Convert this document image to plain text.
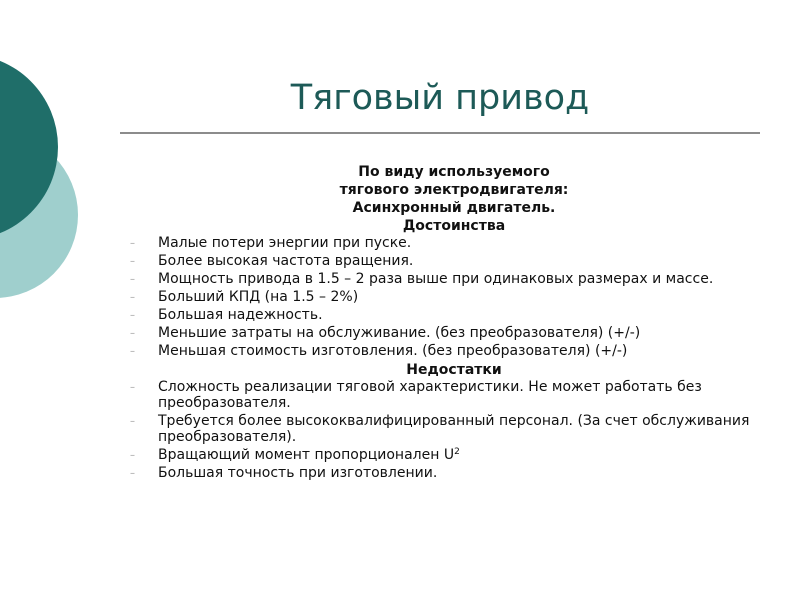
Тяговый привод
По виду используемого
тягового электродвигателя:
Асинхронный двигатель.
Достоинства
– Малые потери энергии при пуске.
– Более высокая частота вращения.
– Мощность привода в 1.5 – 2 раза выше при одинаковых размерах и массе.
– Больший КПД (на 1.5 – 2%)
– Большая надежность.
– Меньшие затраты на обслуживание. (без преобразователя) (+/-)
– Меньшая стоимость изготовления. (без преобразователя) (+/-)
Недостатки
– Сложность реализации тяговой характеристики. Не может работать без преобразователя.
– Требуется более высококвалифицированный персонал. (За счет обслуживания преобразователя).
– Вращающий момент пропорционален $U^2$
– Большая точность при изготовлении.
